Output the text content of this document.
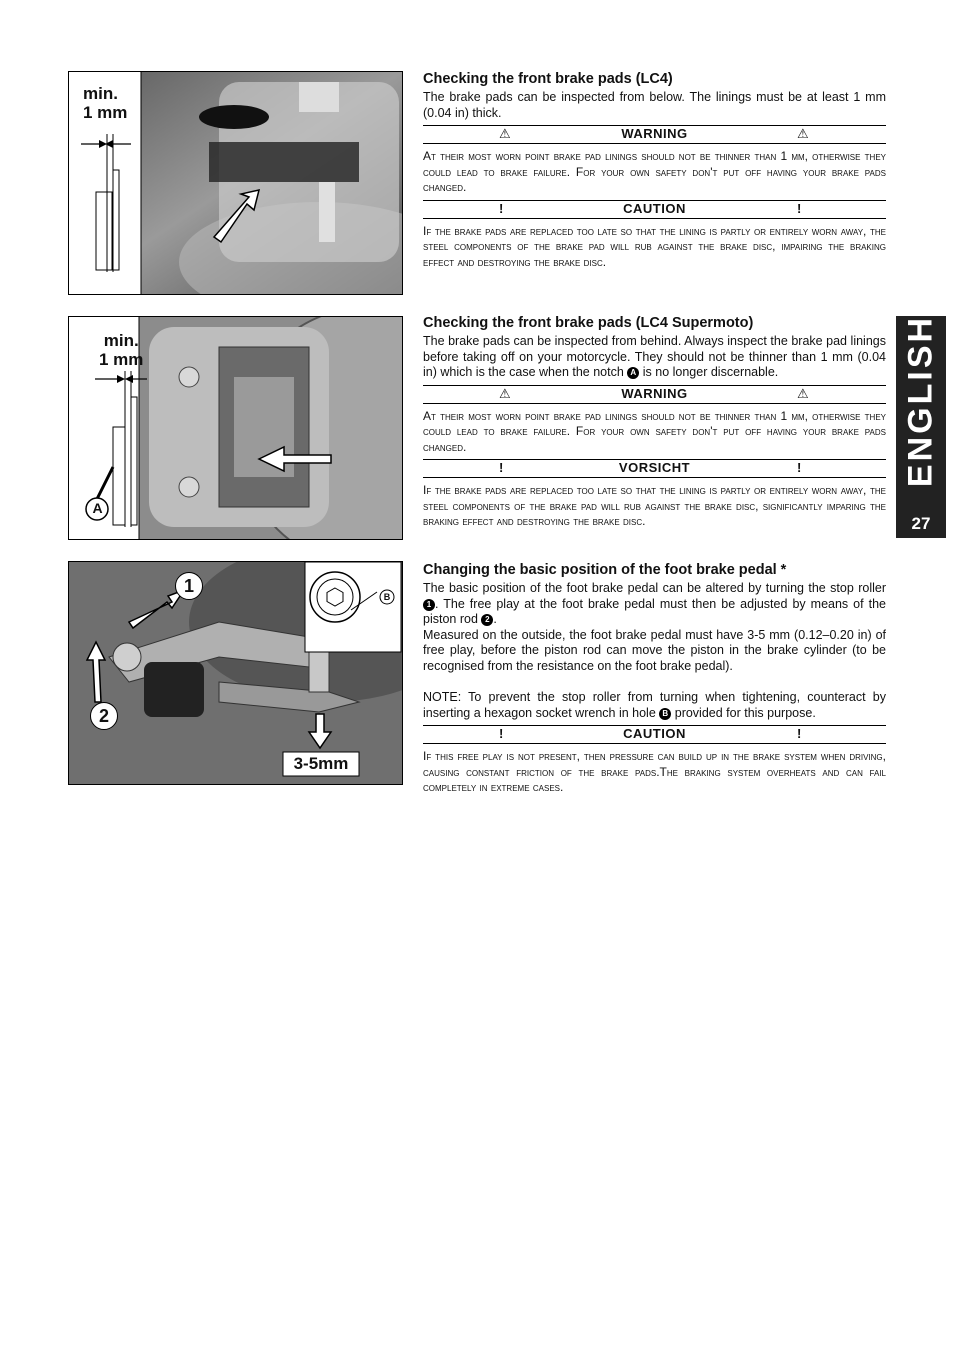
min.
1 mm
min.
1 mm
A
1
2
B
3-5mm
Checking the front brake pads (LC4)

The brake pads can be inspected from below. The linings must be at least 1 mm (0.04 in) thick.

⚠	WARNING	⚠

At their most worn point brake pad linings should not be thinner than 1 mm, otherwise they could lead to brake failure. For your own safety don't put off having your brake pads changed.

!	CAUTION	!

If the brake pads are replaced too late so that the lining is partly or entirely worn away, the steel components of the brake pad will rub against the brake disc, impairing the braking effect and destroying the brake disc.

Checking the front brake pads (LC4 Supermoto)

The brake pads can be inspected from behind. Always inspect the brake pad linings before taking off on your motorcycle. They should not be thinner than 1 mm (0.04 in) which is the case when the notch A is no longer discernable.

⚠	WARNING	⚠

At their most worn point brake pad linings should not be thinner than 1 mm, otherwise they could lead to brake failure. For your own safety don't put off having your brake pads changed.

!	VORSICHT	!

If the brake pads are replaced too late so that the lining is partly or entirely worn away, the steel components of the brake pad will rub against the brake disc, significantly imparing the braking effect and destroying the brake disc.

Changing the basic position of the foot brake pedal *

The basic position of the foot brake pedal can be altered by turning the stop roller 1 . The free play at the foot brake pedal must then be adjusted by means of the piston rod 2 .

Measured on the outside, the foot brake pedal must have 3-5 mm (0.12–0.20 in) of free play, before the piston rod can move the piston in the brake cylinder (to be recognised from the resistance on the foot brake pedal).

NOTE: To prevent the stop roller from turning when tightening, counteract by inserting a hexagon socket wrench in hole B provided for this purpose.

!	CAUTION	!

If this free play is not present, then pressure can build up in the brake system when driving, causing constant friction of the brake pads.The braking system overheats and can fail completely in extreme cases.

ENGLISH
27
